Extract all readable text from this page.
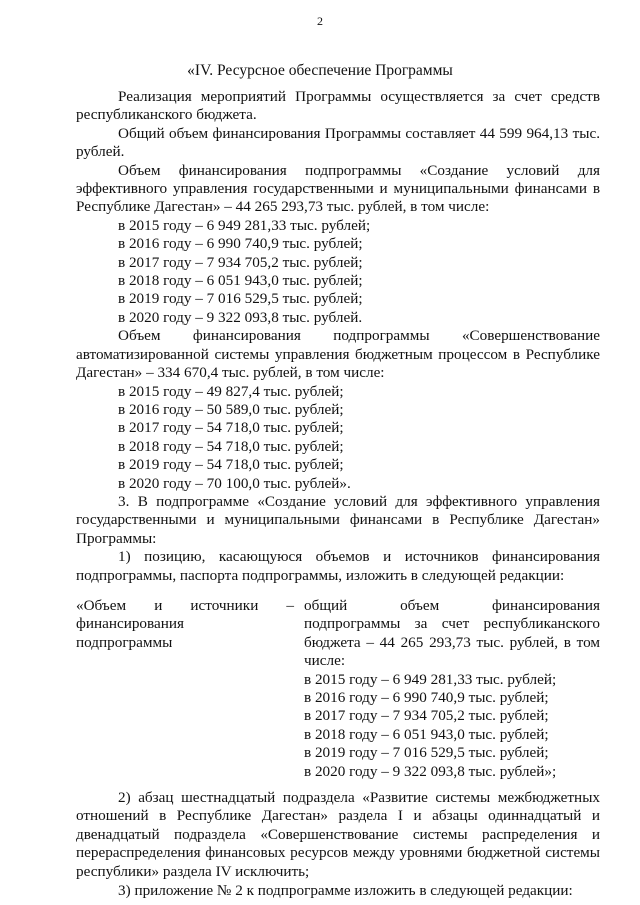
2
«IV. Ресурсное обеспечение Программы

Реализация мероприятий Программы осуществляется за счет средств республиканского бюджета.

Общий объем финансирования Программы составляет 44 599 964,13 тыс. рублей.

Объем финансирования подпрограммы «Создание условий для эффективного управления государственными и муниципальными финансами в Республике Дагестан» – 44 265 293,73 тыс. рублей, в том числе:

в 2015 году – 6 949 281,33 тыс. рублей;

в 2016 году – 6 990 740,9 тыс. рублей;

в 2017 году – 7 934 705,2 тыс. рублей;

в 2018 году – 6 051 943,0 тыс. рублей;

в 2019 году – 7 016 529,5 тыс. рублей;

в 2020 году – 9 322 093,8 тыс. рублей.

Объем финансирования подпрограммы «Совершенствование автоматизированной системы управления бюджетным процессом в Республике Дагестан» – 334 670,4 тыс. рублей, в том числе:

в 2015 году – 49 827,4 тыс. рублей;

в 2016 году – 50 589,0 тыс. рублей;

в 2017 году – 54 718,0 тыс. рублей;

в 2018 году – 54 718,0 тыс. рублей;

в 2019 году – 54 718,0 тыс. рублей;

в 2020 году – 70 100,0 тыс. рублей».

3. В подпрограмме «Создание условий для эффективного управления государственными и муниципальными финансами в Республике Дагестан» Программы:

1) позицию, касающуюся объемов и источников финансирования подпрограммы, паспорта подпрограммы, изложить в следующей редакции:

«Объем и источники –

финансирования

подпрограммы

общий объем финансирования подпрограммы за счет республиканского бюджета – 44 265 293,73 тыс. рублей, в том числе:

в 2015 году – 6 949 281,33 тыс. рублей;

в 2016 году – 6 990 740,9 тыс. рублей;

в 2017 году – 7 934 705,2 тыс. рублей;

в 2018 году – 6 051 943,0 тыс. рублей;

в 2019 году – 7 016 529,5 тыс. рублей;

в 2020 году – 9 322 093,8 тыс. рублей»;

2) абзац шестнадцатый подраздела «Развитие системы межбюджетных отношений в Республике Дагестан» раздела I и абзацы одиннадцатый и двенадцатый подраздела «Совершенствование системы распределения и перераспределения финансовых ресурсов между уровнями бюджетной системы республики» раздела IV исключить;

3) приложение № 2 к подпрограмме изложить в следующей редакции:
